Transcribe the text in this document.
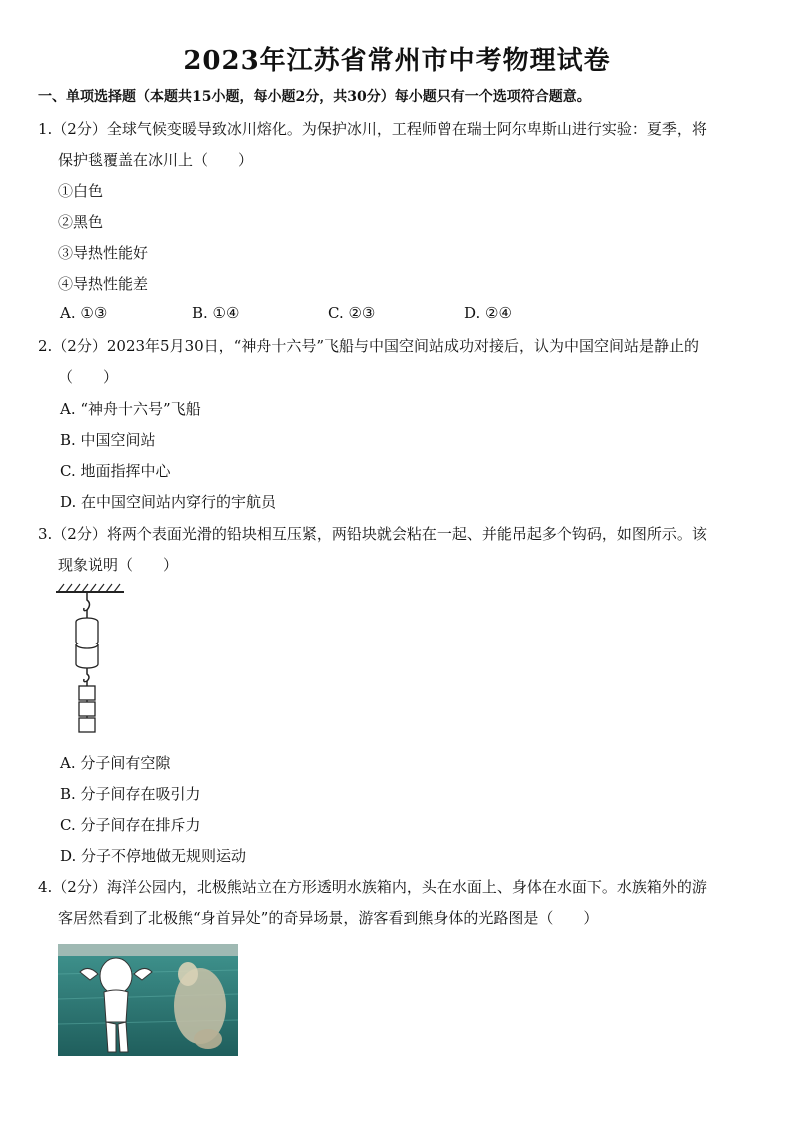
2023年江苏省常州市中考物理试卷
一、单项选择题（本题共15小题，每小题2分，共30分）每小题只有一个选项符合题意。
1.（2分）全球气候变暖导致冰川熔化。为保护冰川，工程师曾在瑞士阿尔卑斯山进行实验：夏季，将
保护毯覆盖在冰川上（　　）
①白色
②黑色
③导热性能好
④导热性能差
A. ①③	B. ①④	C. ②③	D. ②④
2.（2分）2023年5月30日，“神舟十六号”飞船与中国空间站成功对接后，认为中国空间站是静止的
（　　）
A. “神舟十六号”飞船
B. 中国空间站
C. 地面指挥中心
D. 在中国空间站内穿行的宇航员
3.（2分）将两个表面光滑的铅块相互压紧，两铅块就会粘在一起、并能吊起多个钩码，如图所示。该
现象说明（　　）
A. 分子间有空隙
B. 分子间存在吸引力
C. 分子间存在排斥力
D. 分子不停地做无规则运动
4.（2分）海洋公园内，北极熊站立在方形透明水族箱内，头在水面上、身体在水面下。水族箱外的游
客居然看到了北极熊“身首异处”的奇异场景，游客看到熊身体的光路图是（　　）
